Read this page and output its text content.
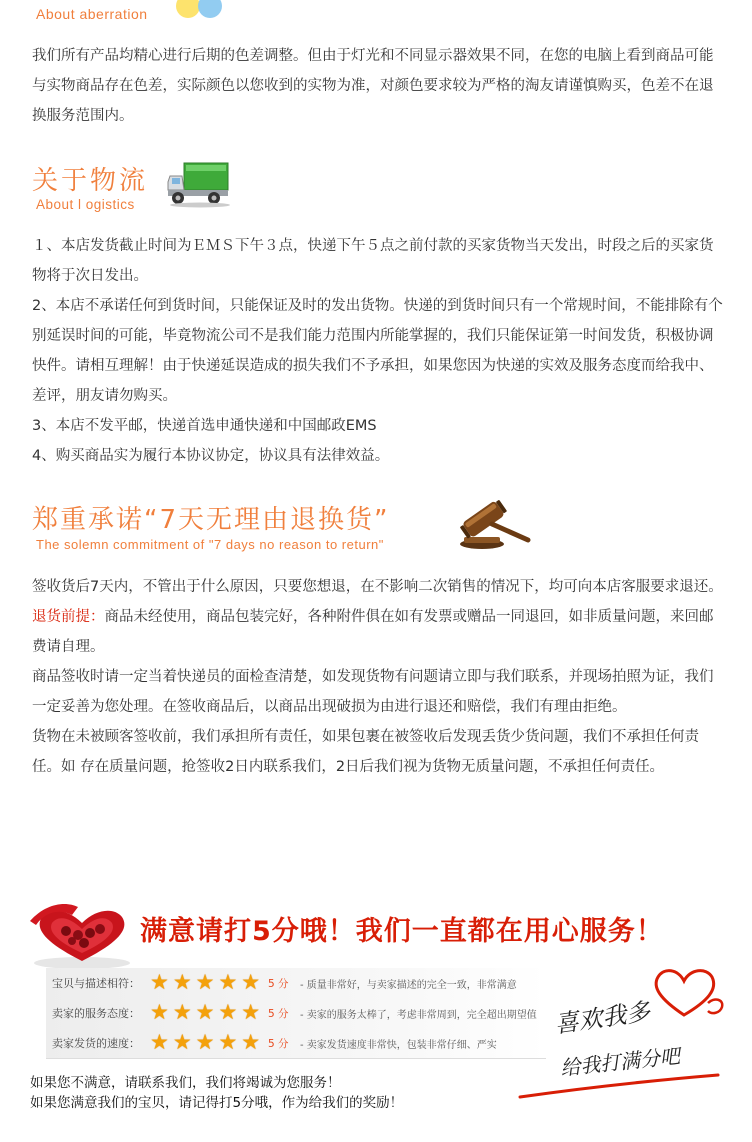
About aberration

我们所有产品均精心进行后期的色差调整。但由于灯光和不同显示器效果不同，在您的电脑上看到商品可能与实物商品存在色差，实际颜色以您收到的实物为准，对颜色要求较为严格的淘友请谨慎购买，色差不在退换服务范围内。

关于物流
About l ogistics

１、本店发货截止时间为ＥＭＳ下午３点，快递下午５点之前付款的买家货物当天发出，时段之后的买家货物将于次日发出。

2、本店不承诺任何到货时间，只能保证及时的发出货物。快递的到货时间只有一个常规时间，不能排除有个别延误时间的可能，毕竟物流公司不是我们能力范围内所能掌握的，我们只能保证第一时间发货，积极协调快件。请相互理解！由于快递延误造成的损失我们不予承担，如果您因为快递的实效及服务态度而给我中、差评，朋友请勿购买。

3、本店不发平邮，快递首选申通快递和中国邮政EMS

4、购买商品实为履行本协议协定，协议具有法律效益。

郑重承诺“7天无理由退换货”
The solemn commitment of "7 days no reason to return"

签收货后7天内，不管出于什么原因，只要您想退，在不影响二次销售的情况下，均可向本店客服要求退还。退货前提：商品未经使用，商品包装完好，各种附件俱在如有发票或赠品一同退回，如非质量问题，来回邮费请自理。

商品签收时请一定当着快递员的面检查清楚，如发现货物有问题请立即与我们联系，并现场拍照为证，我们一定妥善为您处理。在签收商品后，以商品出现破损为由进行退还和赔偿，我们有理由拒绝。

货物在未被顾客签收前，我们承担所有责任，如果包裹在被签收后发现丢货少货问题，我们不承担任何责任。如 存在质量问题，抢签收2日内联系我们，2日后我们视为货物无质量问题，不承担任何责任。

满意请打5分哦！我们一直都在用心服务！
宝贝与描述相符： ★★★★★ 5 分 - 质量非常好，与卖家描述的完全一致，非常满意
卖家的服务态度： ★★★★★ 5 分 - 卖家的服务太棒了，考虑非常周到，完全超出期望值
卖家发货的速度： ★★★★★ 5 分 - 卖家发货速度非常快，包装非常仔细、严实
喜欢我多
给我打满分吧
如果您不满意，请联系我们，我们将竭诚为您服务！
如果您满意我们的宝贝，请记得打5分哦，作为给我们的奖励！
